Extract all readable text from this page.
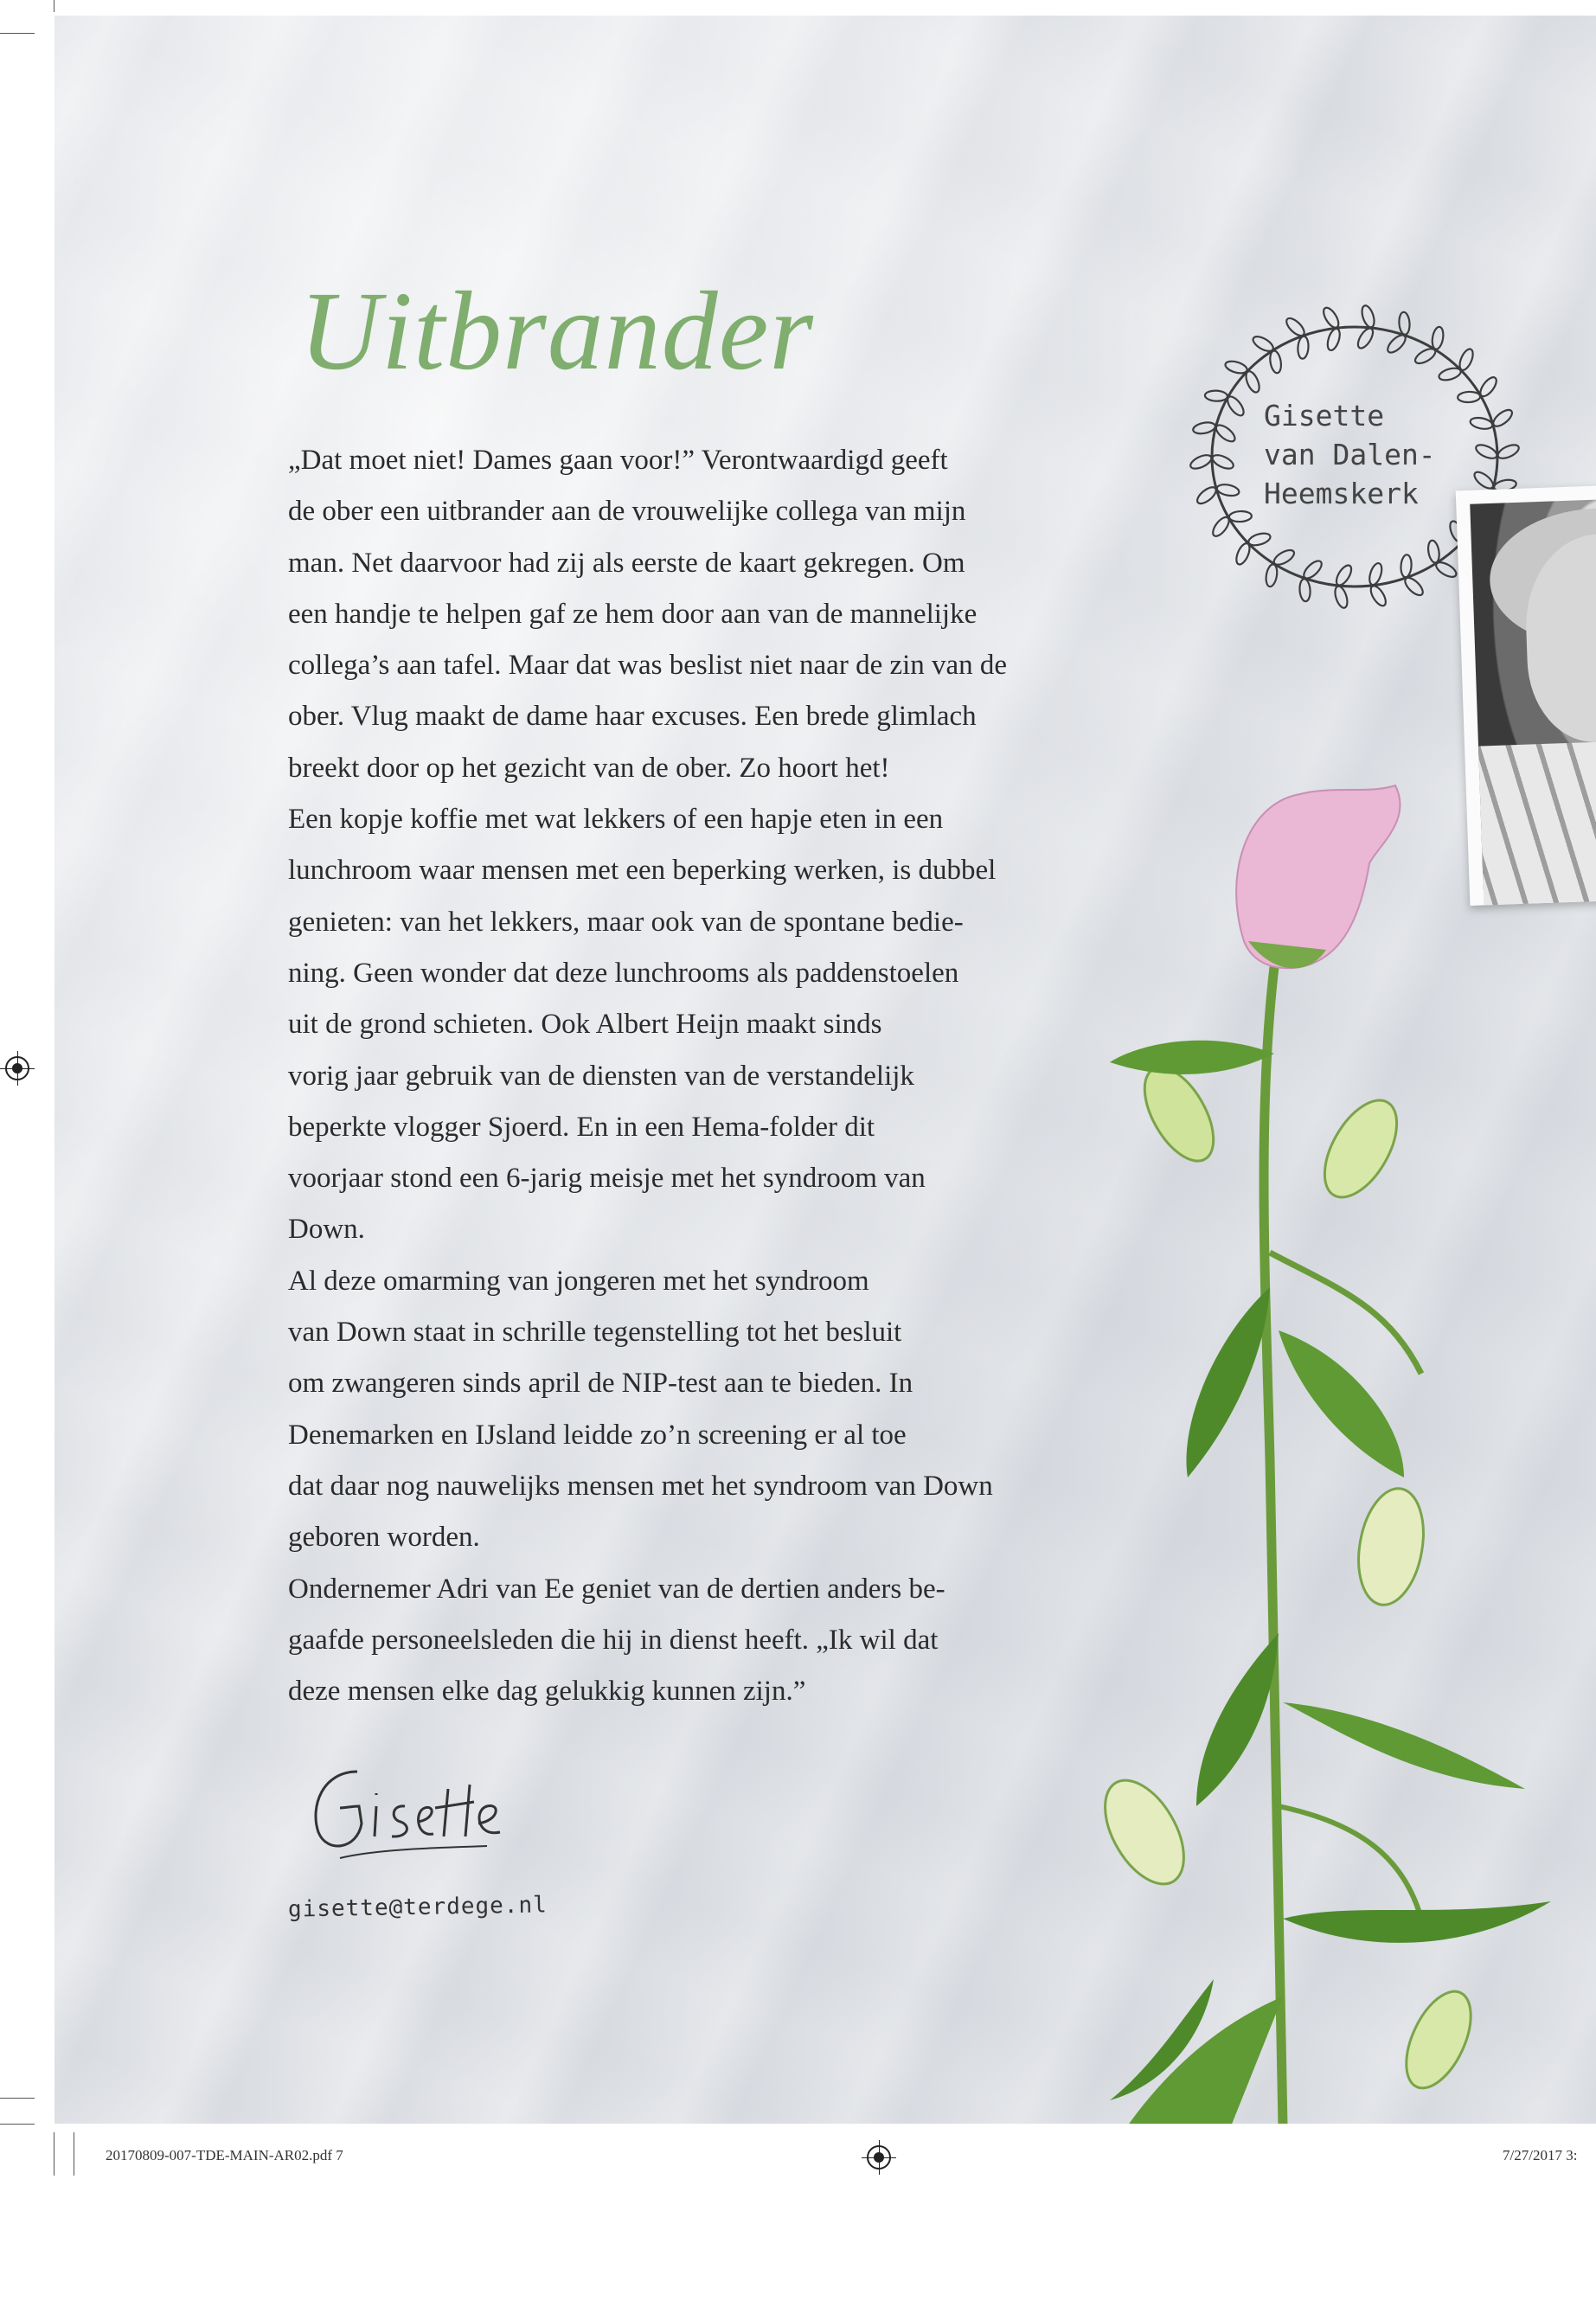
Uitbrander
„Dat moet niet! Dames gaan voor!” Verontwaardigd geeft
de ober een uitbrander aan de vrouwelijke collega van mijn
man. Net daarvoor had zij als eerste de kaart gekregen. Om
een handje te helpen gaf ze hem door aan van de mannelijke
collega’s aan tafel. Maar dat was beslist niet naar de zin van de
ober. Vlug maakt de dame haar excuses. Een brede glimlach
breekt door op het gezicht van de ober. Zo hoort het!
Een kopje koffie met wat lekkers of een hapje eten in een
lunchroom waar mensen met een beperking werken, is dubbel
genieten: van het lekkers, maar ook van de spontane bedie-
ning. Geen wonder dat deze lunchrooms als paddenstoelen
uit de grond schieten. Ook Albert Heijn maakt sinds
vorig jaar gebruik van de diensten van de verstandelijk
beperkte vlogger Sjoerd. En in een Hema-folder dit
voorjaar stond een 6-jarig meisje met het syndroom van
Down.
Al deze omarming van jongeren met het syndroom
van Down staat in schrille tegenstelling tot het besluit
om zwangeren sinds april de NIP-test aan te bieden. In
Denemarken en IJsland leidde zo’n screening er al toe
dat daar nog nauwelijks mensen met het syndroom van Down
geboren worden.
Ondernemer Adri van Ee geniet van de dertien anders be-
gaafde personeelsleden die hij in dienst heeft. „Ik wil dat
deze mensen elke dag gelukkig kunnen zijn.”
Gisette
van Dalen-
Heemskerk
gisette@terdege.nl
20170809-007-TDE-MAIN-AR02.pdf 7	7/27/2017 3:
